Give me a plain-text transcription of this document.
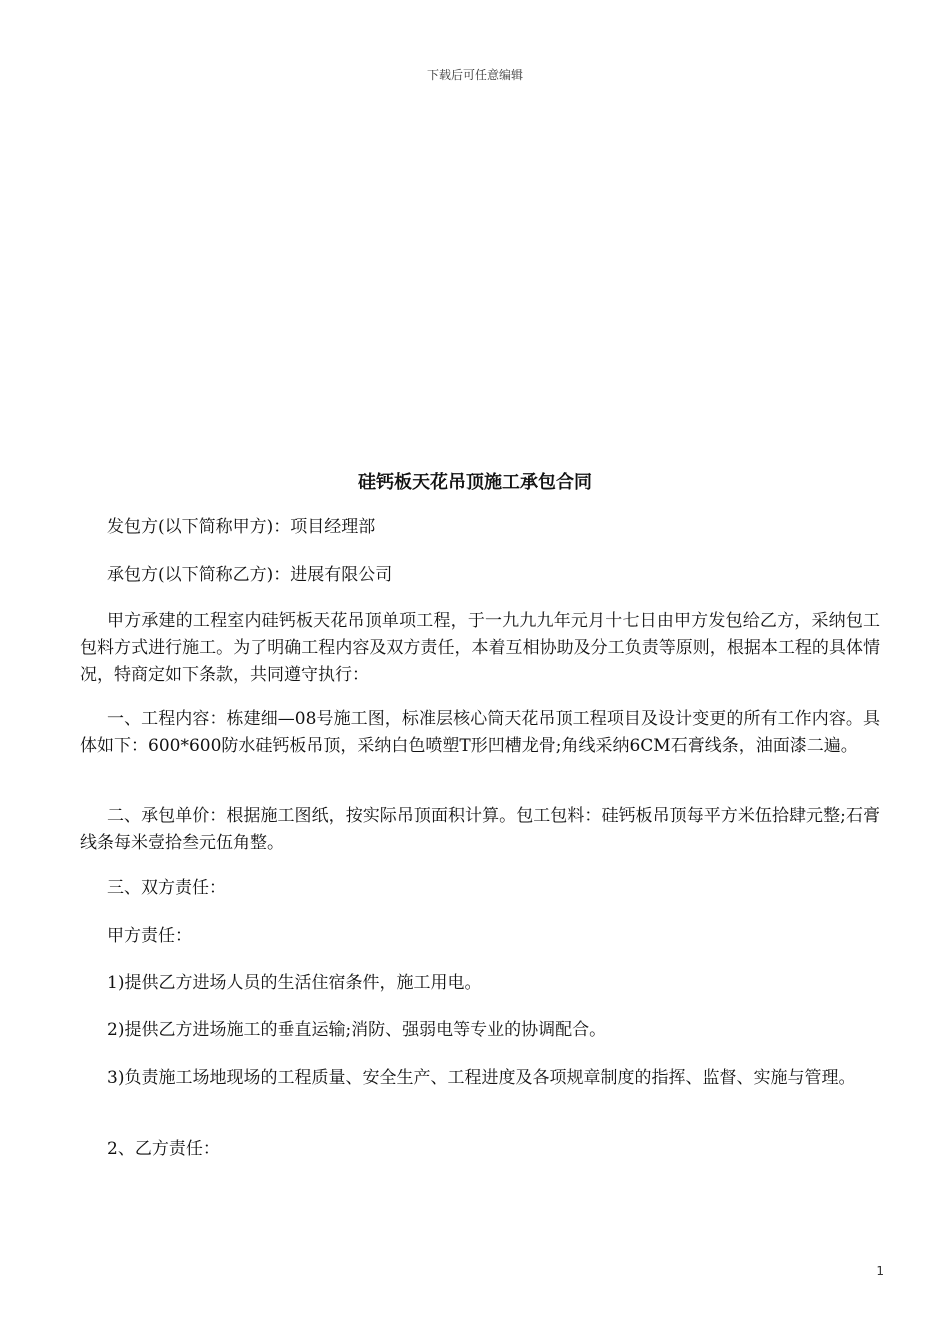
下载后可任意编辑
硅钙板天花吊顶施工承包合同

发包方(以下简称甲方)：项目经理部

承包方(以下简称乙方)：进展有限公司

甲方承建的工程室内硅钙板天花吊顶单项工程，于一九九九年元月十七日由甲方发包给乙方，采纳包工包料方式进行施工。为了明确工程内容及双方责任，本着互相协助及分工负责等原则，根据本工程的具体情况，特商定如下条款，共同遵守执行：

一、工程内容：栋建细—08号施工图，标准层核心筒天花吊顶工程项目及设计变更的所有工作内容。具体如下：600*600防水硅钙板吊顶，采纳白色喷塑T形凹槽龙骨;角线采纳6CM石膏线条，油面漆二遍。

二、承包单价：根据施工图纸，按实际吊顶面积计算。包工包料：硅钙板吊顶每平方米伍拾肆元整;石膏线条每米壹拾叁元伍角整。

三、双方责任：

甲方责任：

1)提供乙方进场人员的生活住宿条件，施工用电。

2)提供乙方进场施工的垂直运输;消防、强弱电等专业的协调配合。

3)负责施工场地现场的工程质量、安全生产、工程进度及各项规章制度的指挥、监督、实施与管理。

2、乙方责任：

1
